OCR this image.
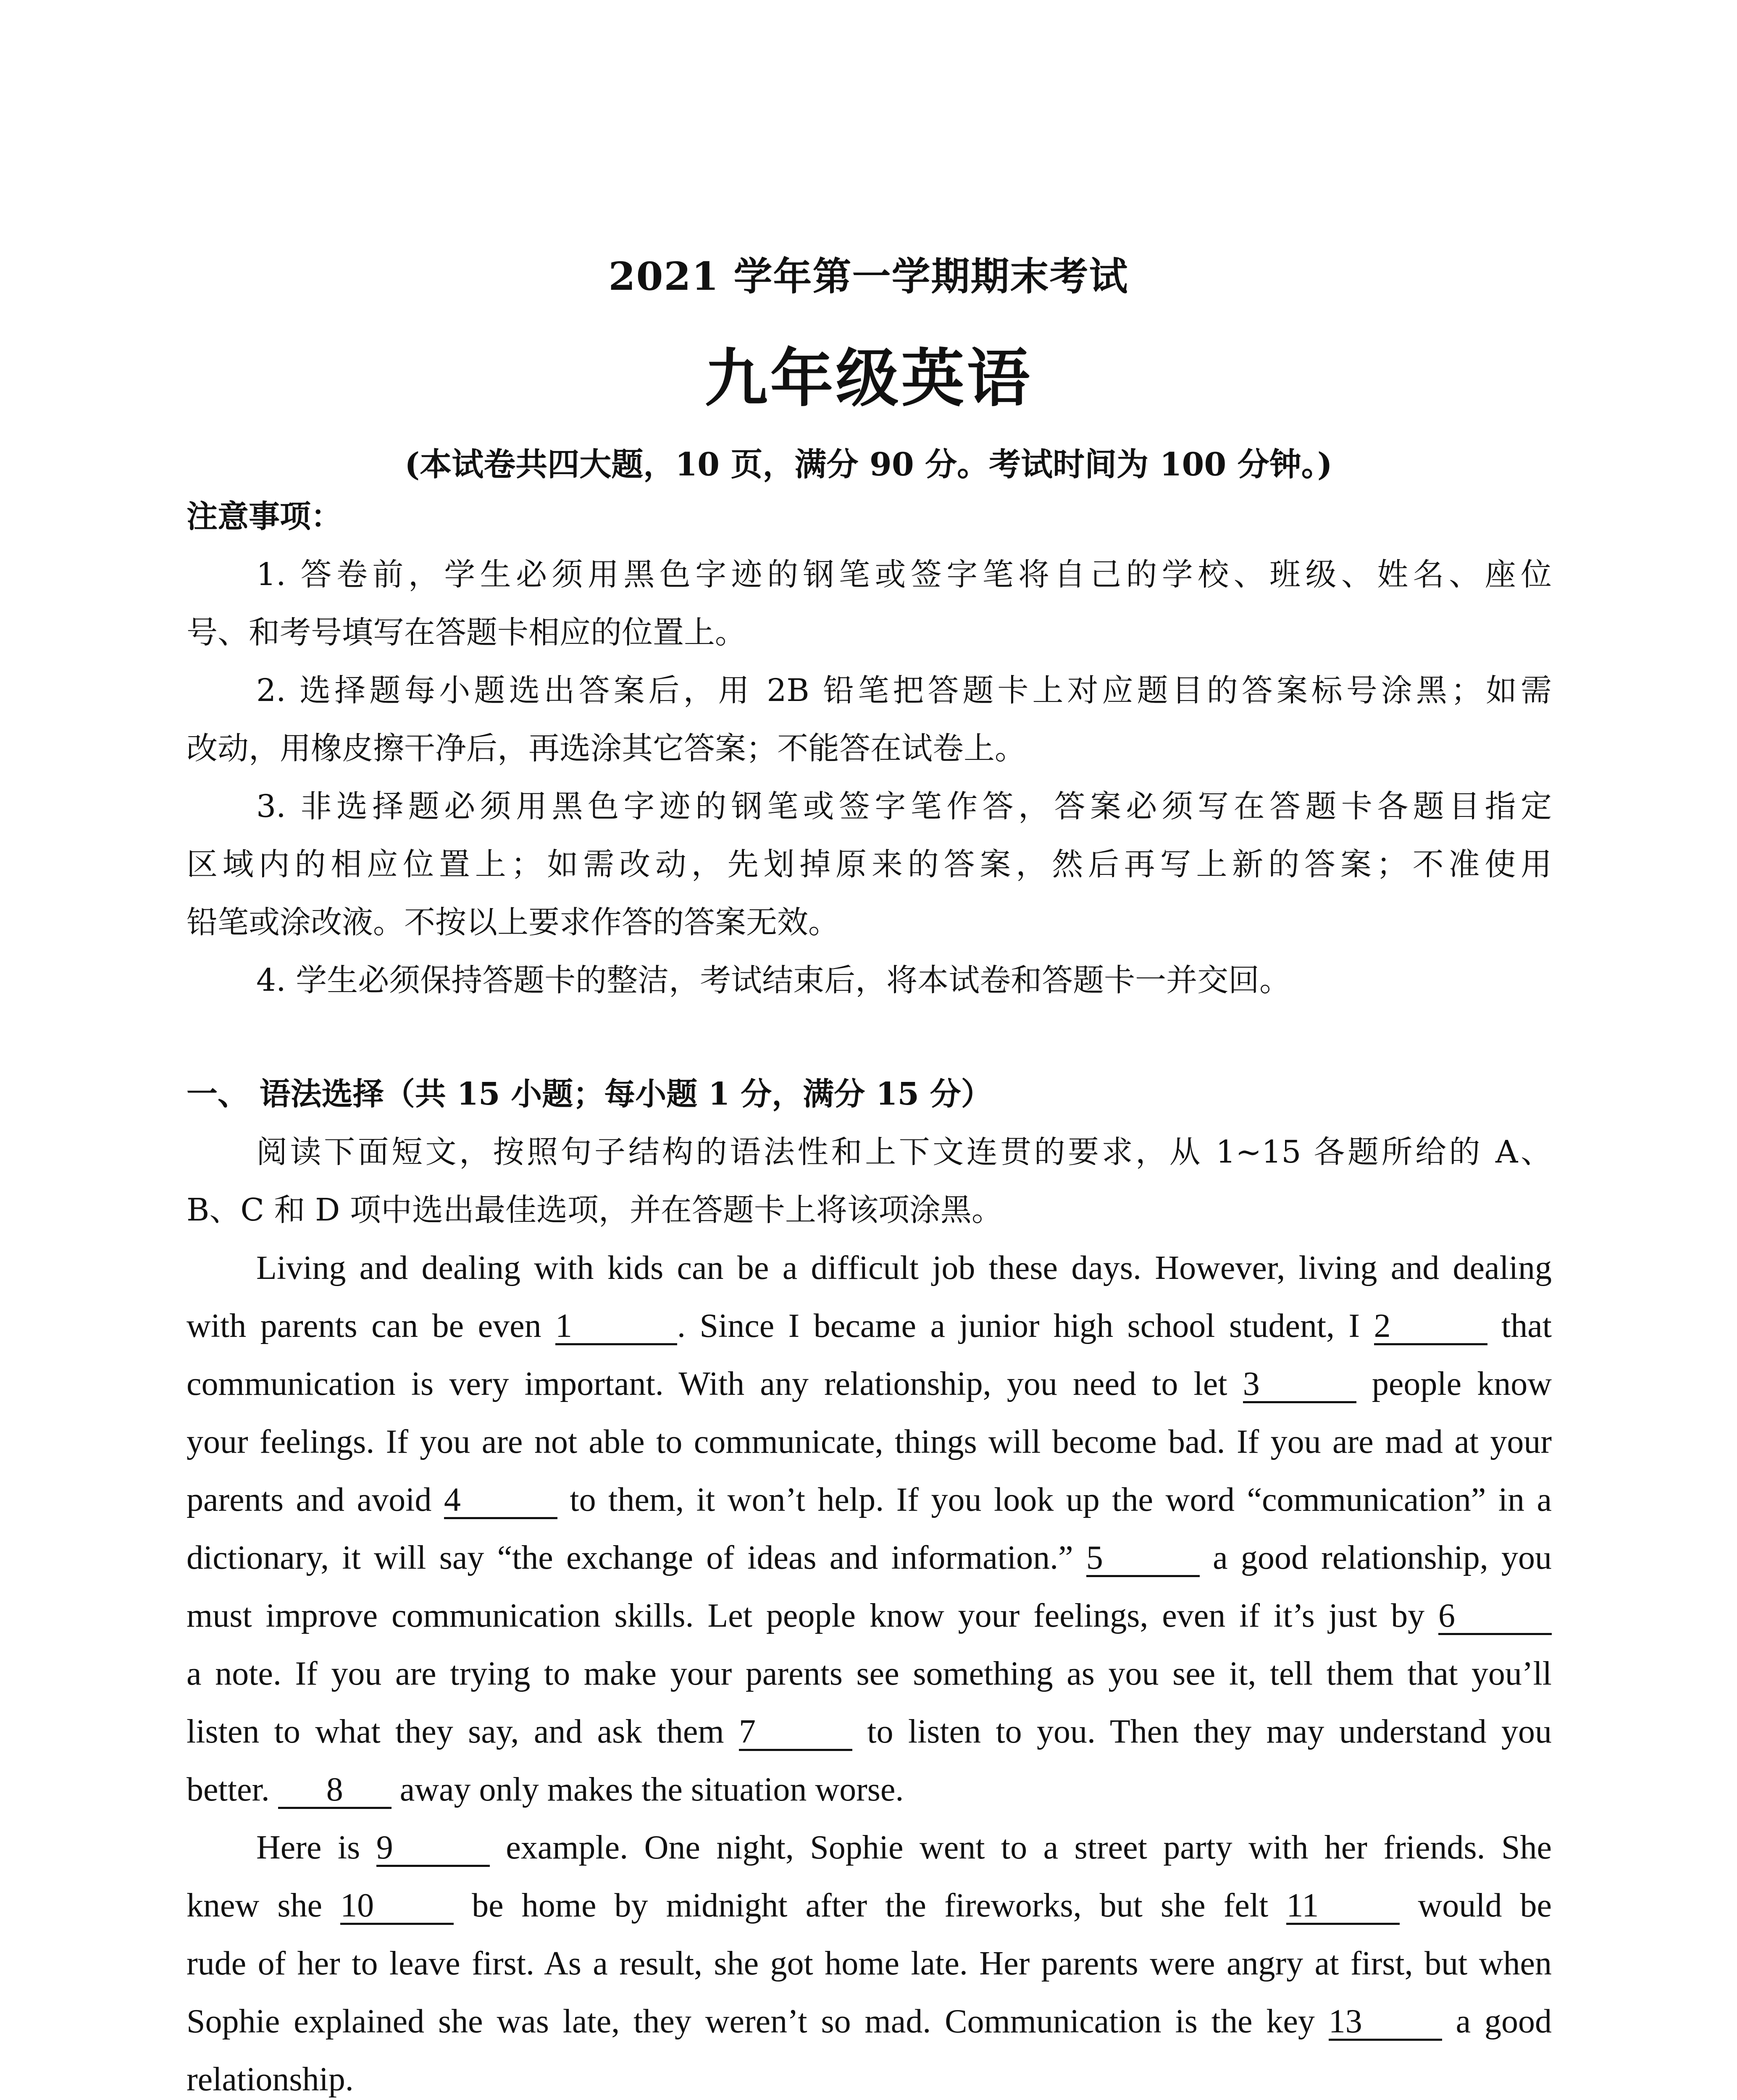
2021 学年第一学期期末考试
九年级英语
(本试卷共四大题，10 页，满分 90 分。考试时间为 100 分钟。)
注意事项：
1. 答卷前，学生必须用黑色字迹的钢笔或签字笔将自己的学校、班级、姓名、座位
号、和考号填写在答题卡相应的位置上。
2. 选择题每小题选出答案后，用 2B 铅笔把答题卡上对应题目的答案标号涂黑；如需
改动，用橡皮擦干净后，再选涂其它答案；不能答在试卷上。
3. 非选择题必须用黑色字迹的钢笔或签字笔作答，答案必须写在答题卡各题目指定
区域内的相应位置上；如需改动，先划掉原来的答案，然后再写上新的答案；不准使用
铅笔或涂改液。不按以上要求作答的答案无效。
4. 学生必须保持答题卡的整洁，考试结束后，将本试卷和答题卡一并交回。
一、 语法选择（共 15 小题；每小题 1 分，满分 15 分）
阅读下面短文，按照句子结构的语法性和上下文连贯的要求，从 1~15 各题所给的 A、
B、C 和 D 项中选出最佳选项，并在答题卡上将该项涂黑。
Living and dealing with kids can be a difficult job these days. However, living and dealing
with parents can be even 1	. Since I became a junior high school student, I 2	that
communication is very important. With any relationship, you need to let 3	people know
your feelings. If you are not able to communicate, things will become bad. If you are mad at your
parents and avoid 4	to them, it won’t help. If you look up the word “communication” in a
dictionary, it will say “the exchange of ideas and information.” 5	a good relationship, you
must improve communication skills. Let people know your feelings, even if it’s just by 6
a note. If you are trying to make your parents see something as you see it, tell them that you’ll
listen to what they say, and ask them 7	to listen to you. Then they may understand you
better. 8 away only makes the situation worse.
Here is 9	example. One night, Sophie went to a street party with her friends. She
knew she 10	be home by midnight after the fireworks, but she felt 11	would be
rude of her to leave first. As a result, she got home late. Her parents were angry at first, but when
Sophie explained she was late, they weren’t so mad. Communication is the key 13	a good
relationship.
